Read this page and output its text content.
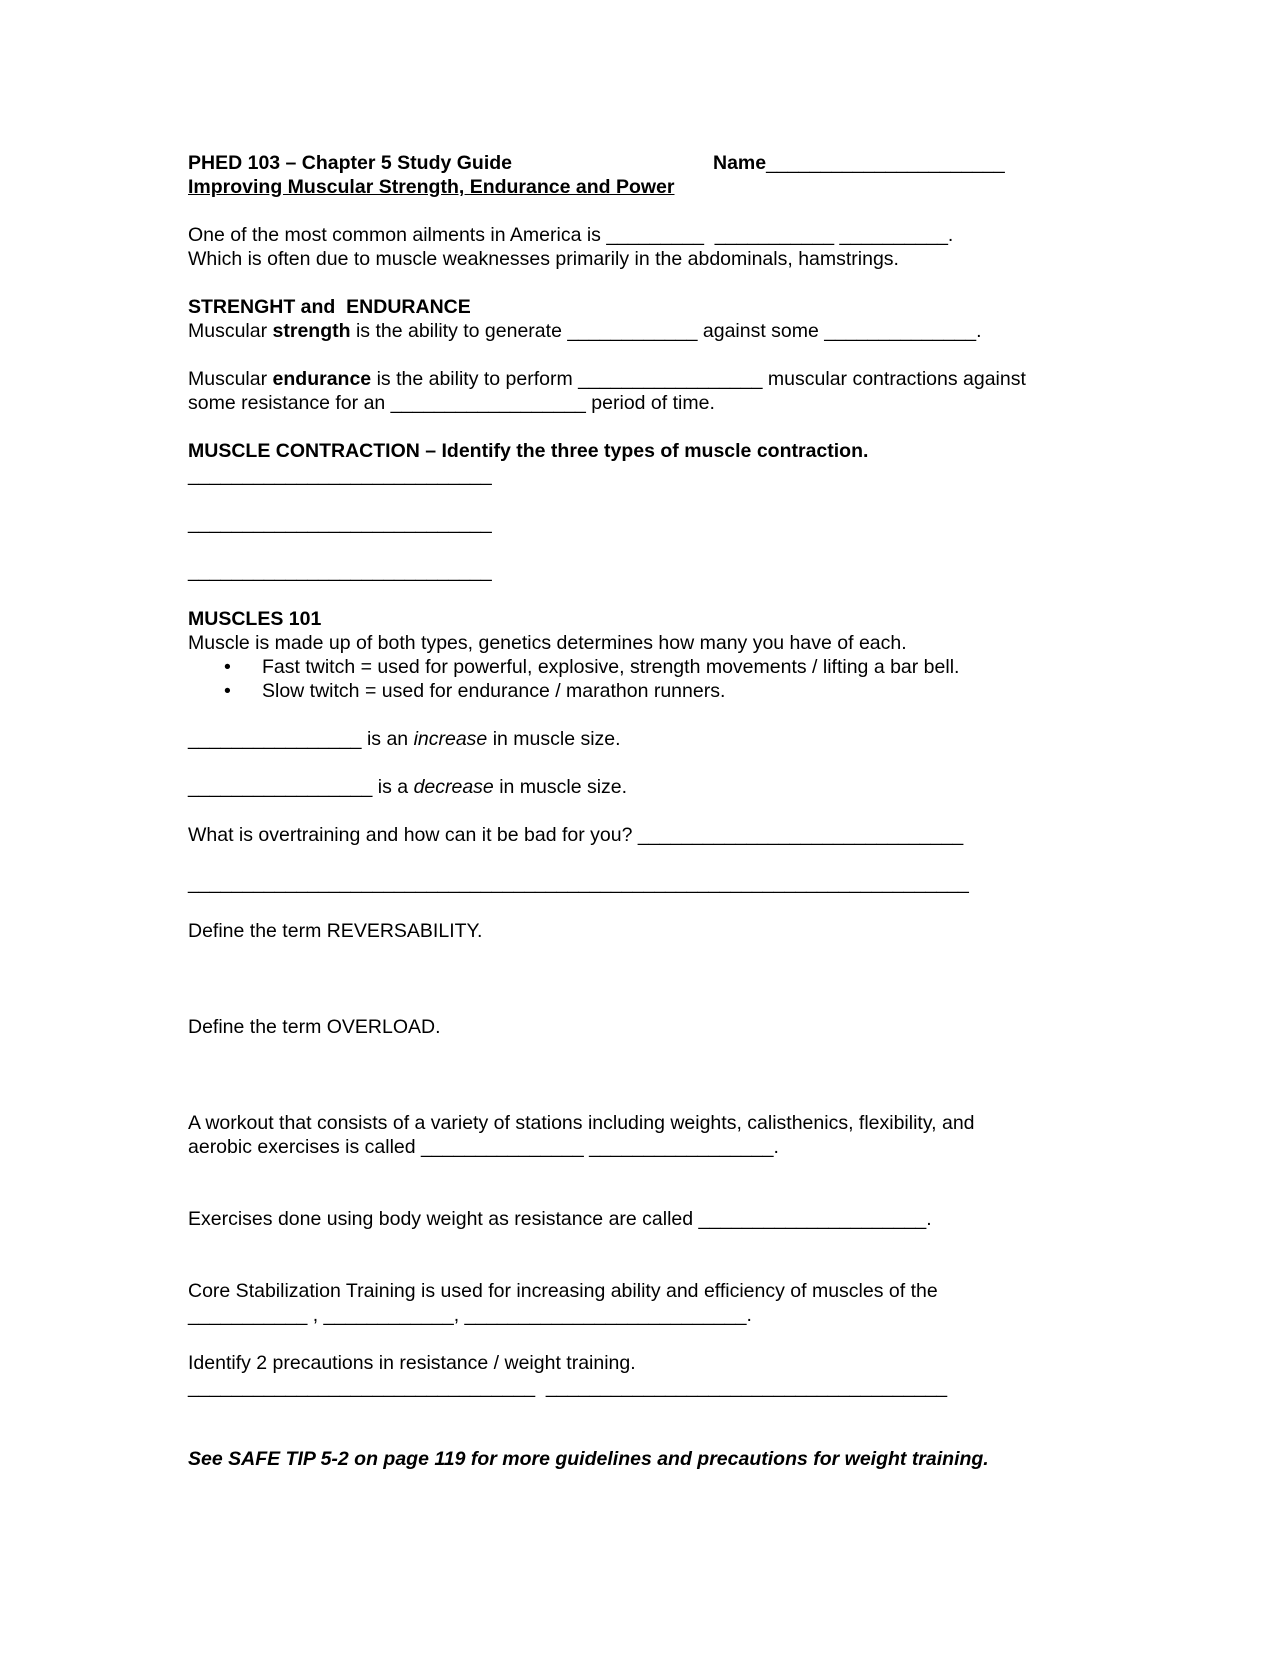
PHED 103 – Chapter 5 Study Guide	Name______________________
Improving Muscular Strength, Endurance and Power
One of the most common ailments in America is _________  ___________ __________.
Which is often due to muscle weaknesses primarily in the abdominals, hamstrings.
STRENGHT and  ENDURANCE
Muscular strength is the ability to generate ____________ against some ______________.
Muscular endurance is the ability to perform _________________ muscular contractions against
some resistance for an __________________ period of time.
MUSCLE CONTRACTION – Identify the three types of muscle contraction.
____________________________
____________________________
____________________________
MUSCLES 101
Muscle is made up of both types, genetics determines how many you have of each.
• Fast twitch = used for powerful, explosive, strength movements / lifting a bar bell.
• Slow twitch = used for endurance / marathon runners.
________________ is an increase in muscle size.
_________________ is a decrease in muscle size.
What is overtraining and how can it be bad for you? ______________________________
________________________________________________________________________
Define the term REVERSABILITY.
Define the term OVERLOAD.
A workout that consists of a variety of stations including weights, calisthenics, flexibility, and
aerobic exercises is called _______________ _________________.
Exercises done using body weight as resistance are called _____________________.
Core Stabilization Training is used for increasing ability and efficiency of muscles of the
___________ , ____________, __________________________.
Identify 2 precautions in resistance / weight training.
________________________________  _____________________________________
See SAFE TIP 5-2 on page 119 for more guidelines and precautions for weight training.
